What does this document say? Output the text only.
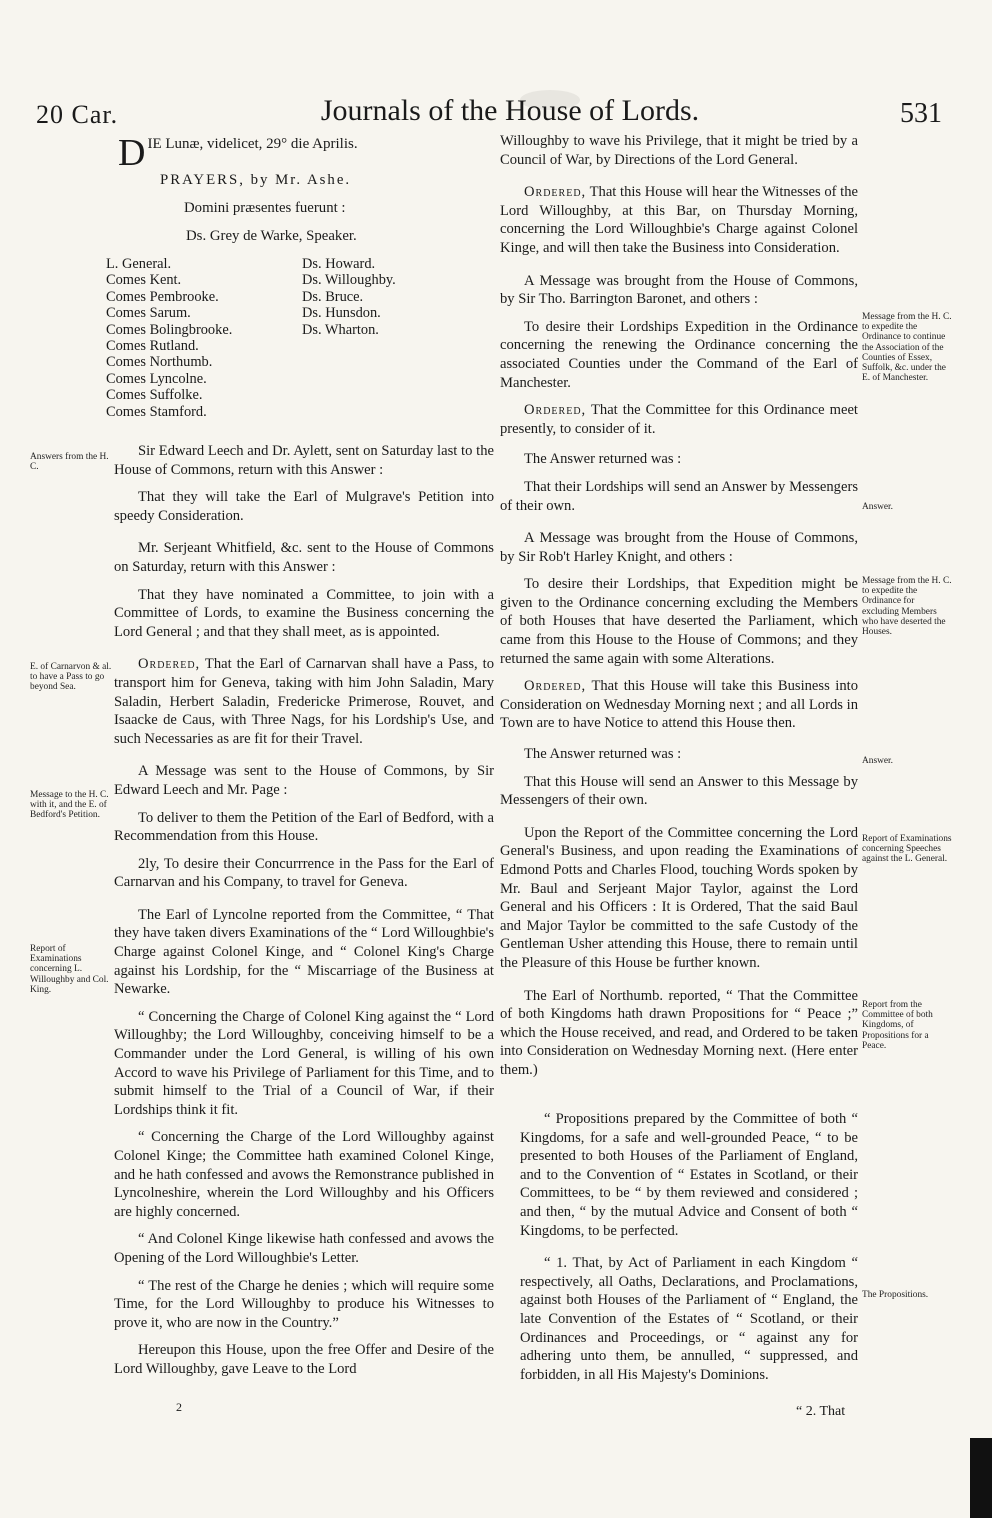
20 Car.	Journals of the House of Lords.	531
D IE Lunæ, videlicet, 29° die Aprilis.
PRAYERS, by Mr. Ashe.
Domini præsentes fuerunt :
Ds. Grey de Warke, Speaker.
L. General.
Comes Kent.
Comes Pembrooke.
Comes Sarum.
Comes Bolingbrooke.
Comes Rutland.
Comes Northumb.
Comes Lyncolne.
Comes Suffolke.
Comes Stamford.
Ds. Howard.
Ds. Willoughby.
Ds. Bruce.
Ds. Hunsdon.
Ds. Wharton.

Sir Edward Leech and Dr. Aylett, sent on Saturday last to the House of Commons, return with this Answer :

That they will take the Earl of Mulgrave's Petition into speedy Consideration.

Mr. Serjeant Whitfield, &c. sent to the House of Commons on Saturday, return with this Answer :

That they have nominated a Committee, to join with a Committee of Lords, to examine the Business concerning the Lord General ; and that they shall meet, as is appointed.

Ordered, That the Earl of Carnarvan shall have a Pass, to transport him for Geneva, taking with him John Saladin, Mary Saladin, Herbert Saladin, Fredericke Primerose, Rouvet, and Isaacke de Caus, with Three Nags, for his Lordship's Use, and such Necessaries as are fit for their Travel.

A Message was sent to the House of Commons, by Sir Edward Leech and Mr. Page :

To deliver to them the Petition of the Earl of Bedford, with a Recommendation from this House.

2ly, To desire their Concurrrence in the Pass for the Earl of Carnarvan and his Company, to travel for Geneva.

The Earl of Lyncolne reported from the Committee, “ That they have taken divers Examinations of the “ Lord Willoughbie's Charge against Colonel Kinge, and “ Colonel King's Charge against his Lordship, for the “ Miscarriage of the Business at Newarke.

“ Concerning the Charge of Colonel King against the “ Lord Willoughby; the Lord Willoughby, conceiving himself to be a Commander under the Lord General, is willing of his own Accord to wave his Privilege of Parliament for this Time, and to submit himself to the Trial of a Council of War, if their Lordships think it fit.

“ Concerning the Charge of the Lord Willoughby against Colonel Kinge; the Committee hath examined Colonel Kinge, and he hath confessed and avows the Remonstrance published in Lyncolneshire, wherein the Lord Willoughby and his Officers are highly concerned.

“ And Colonel Kinge likewise hath confessed and avows the Opening of the Lord Willoughbie's Letter.

“ The rest of the Charge he denies ; which will require some Time, for the Lord Willoughby to produce his Witnesses to prove it, who are now in the Country.”

Hereupon this House, upon the free Offer and Desire of the Lord Willoughby, gave Leave to the Lord

2
Answers from the H. C.
E. of Carnarvon & al. to have a Pass to go beyond Sea.
Message to the H. C. with it, and the E. of Bedford's Petition.
Report of Examinations concerning L. Willoughby and Col. King.

Willoughby to wave his Privilege, that it might be tried by a Council of War, by Directions of the Lord General.

Ordered, That this House will hear the Witnesses of the Lord Willoughby, at this Bar, on Thursday Morning, concerning the Lord Willoughbie's Charge against Colonel Kinge, and will then take the Business into Consideration.

A Message was brought from the House of Commons, by Sir Tho. Barrington Baronet, and others :

To desire their Lordships Expedition in the Ordinance concerning the renewing the Ordinance concerning the associated Counties under the Command of the Earl of Manchester.

Ordered, That the Committee for this Ordinance meet presently, to consider of it.

The Answer returned was :

That their Lordships will send an Answer by Messengers of their own.

A Message was brought from the House of Commons, by Sir Rob't Harley Knight, and others :

To desire their Lordships, that Expedition might be given to the Ordinance concerning excluding the Members of both Houses that have deserted the Parliament, which came from this House to the House of Commons; and they returned the same again with some Alterations.

Ordered, That this House will take this Business into Consideration on Wednesday Morning next ; and all Lords in Town are to have Notice to attend this House then.

The Answer returned was :

That this House will send an Answer to this Message by Messengers of their own.

Upon the Report of the Committee concerning the Lord General's Business, and upon reading the Examinations of Edmond Potts and Charles Flood, touching Words spoken by Mr. Baul and Serjeant Major Taylor, against the Lord General and his Officers : It is Ordered, That the said Baul and Major Taylor be committed to the safe Custody of the Gentleman Usher attending this House, there to remain until the Pleasure of this House be further known.

The Earl of Northumb. reported, “ That the Committee of both Kingdoms hath drawn Propositions for “ Peace ;” which the House received, and read, and Ordered to be taken into Consideration on Wednesday Morning next. (Here enter them.)

“ Propositions prepared by the Committee of both “ Kingdoms, for a safe and well-grounded Peace, “ to be presented to both Houses of the Parliament of England, and to the Convention of “ Estates in Scotland, or their Committees, to be “ by them reviewed and considered ; and then, “ by the mutual Advice and Consent of both “ Kingdoms, to be perfected.

“ 1. That, by Act of Parliament in each Kingdom “ respectively, all Oaths, Declarations, and Proclamations, against both Houses of the Parliament of “ England, the late Convention of the Estates of “ Scotland, or their Ordinances and Proceedings, or “ against any for adhering unto them, be annulled, “ suppressed, and forbidden, in all His Majesty's Dominions.

“ 2. That
Message from the H. C. to expedite the Ordinance to continue the Association of the Counties of Essex, Suffolk, &c. under the E. of Manchester.
Answer.
Message from the H. C. to expedite the Ordinance for excluding Members who have deserted the Houses.
Answer.
Report of Examinations concerning Speeches against the L. General.
Report from the Committee of both Kingdoms, of Propositions for a Peace.
The Propositions.
